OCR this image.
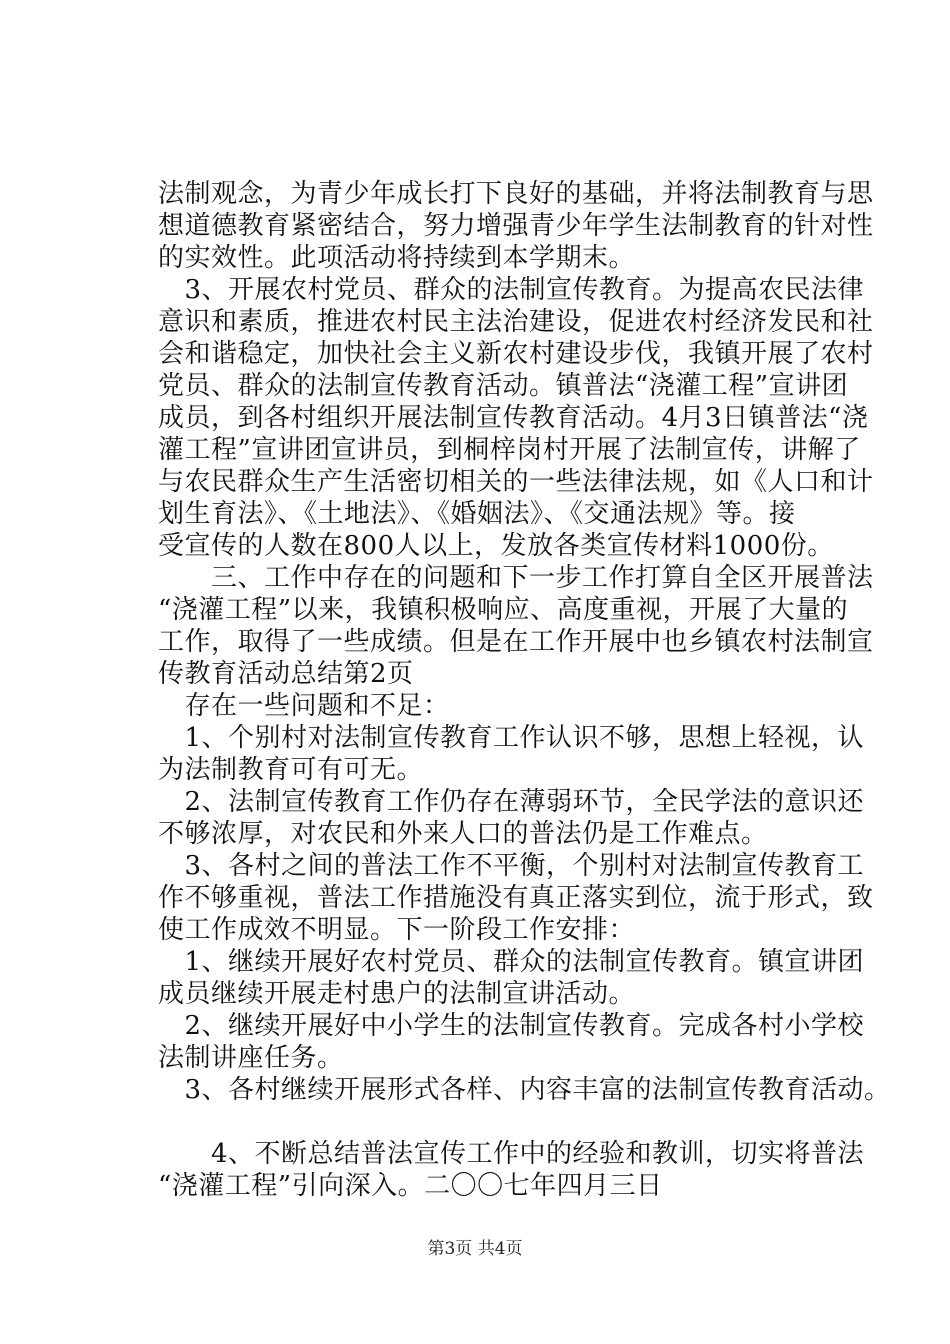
法制观念，为青少年成长打下良好的基础，并将法制教育与思
想道德教育紧密结合，努力增强青少年学生法制教育的针对性
的实效性。此项活动将持续到本学期末。
　3、开展农村党员、群众的法制宣传教育。为提高农民法律
意识和素质，推进农村民主法治建设，促进农村经济发民和社
会和谐稳定，加快社会主义新农村建设步伐，我镇开展了农村
党员、群众的法制宣传教育活动。镇普法“浇灌工程”宣讲团
成员，到各村组织开展法制宣传教育活动。4月3日镇普法“浇
灌工程”宣讲团宣讲员，到桐梓岗村开展了法制宣传，讲解了
与农民群众生产生活密切相关的一些法律法规，如《人口和计
划生育法》、《土地法》、《婚姻法》、《交通法规》等。接
受宣传的人数在800人以上，发放各类宣传材料1000份。
　　三、工作中存在的问题和下一步工作打算自全区开展普法
“浇灌工程”以来，我镇积极响应、高度重视，开展了大量的
工作，取得了一些成绩。但是在工作开展中也乡镇农村法制宣
传教育活动总结第2页
　存在一些问题和不足：
　1、个别村对法制宣传教育工作认识不够，思想上轻视，认
为法制教育可有可无。
　2、法制宣传教育工作仍存在薄弱环节，全民学法的意识还
不够浓厚，对农民和外来人口的普法仍是工作难点。
　3、各村之间的普法工作不平衡，个别村对法制宣传教育工
作不够重视，普法工作措施没有真正落实到位，流于形式，致
使工作成效不明显。下一阶段工作安排：
　1、继续开展好农村党员、群众的法制宣传教育。镇宣讲团
成员继续开展走村患户的法制宣讲活动。
　2、继续开展好中小学生的法制宣传教育。完成各村小学校
法制讲座任务。
　3、各村继续开展形式各样、内容丰富的法制宣传教育活动。
　　4、不断总结普法宣传工作中的经验和教训，切实将普法
“浇灌工程”引向深入。二〇〇七年四月三日
第3页 共4页
